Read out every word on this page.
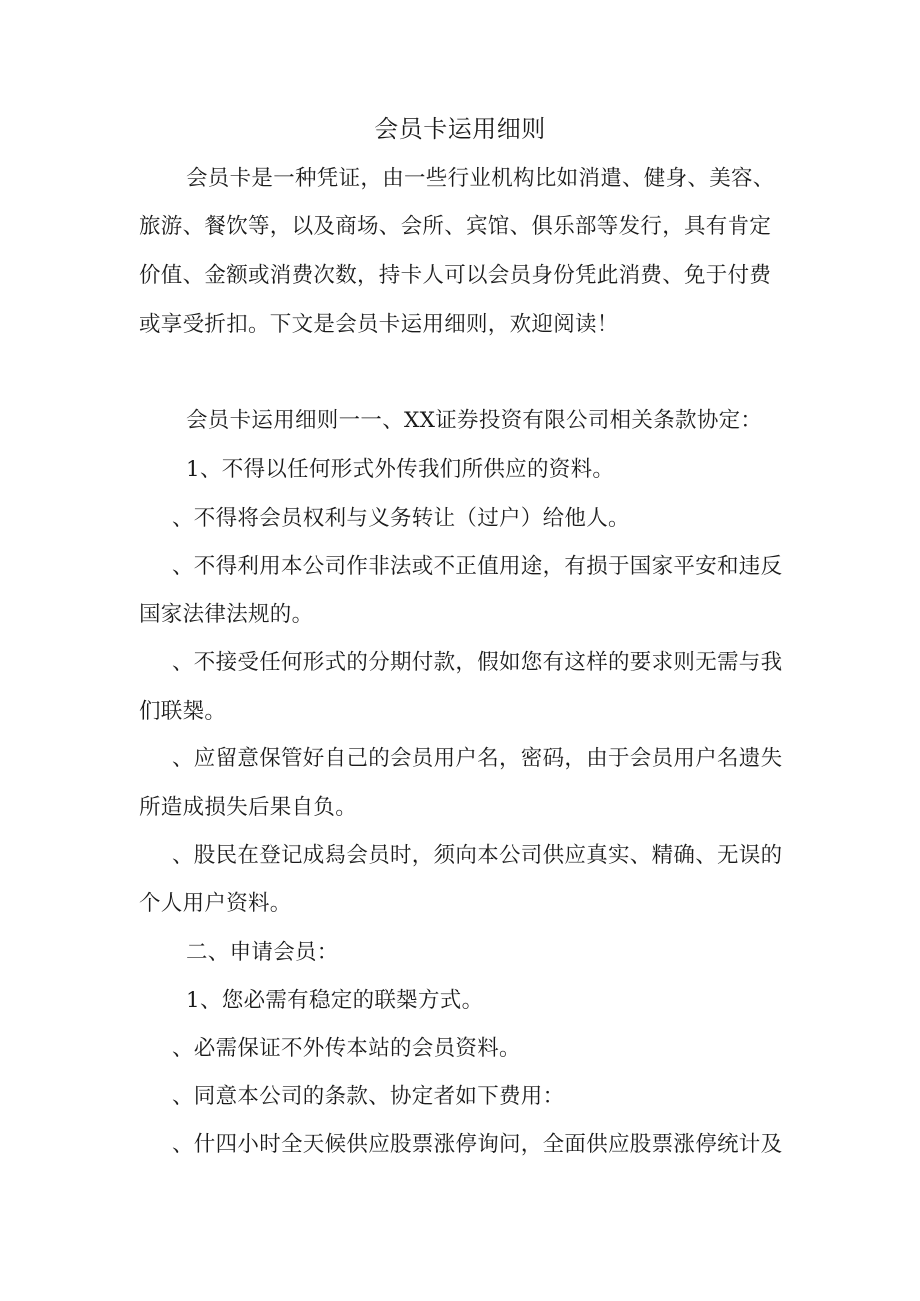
会员卡运用细则
会员卡是一种凭证，由一些行业机构比如消遣、健身、美容、
旅游、餐饮等，以及商场、会所、宾馆、俱乐部等发行，具有肯定
价值、金额或消费次数，持卡人可以会员身份凭此消费、免于付费
或享受折扣。下文是会员卡运用细则，欢迎阅读！
会员卡运用细则一一、XX证券投资有限公司相关条款协定：
1、不得以任何形式外传我们所供应的资料。
、不得将会员权利与义务转让（过户）给他人。
、不得利用本公司作非法或不正值用途，有损于国家平安和违反
国家法律法规的。
、不接受任何形式的分期付款，假如您有这样的要求则无需与我
们联椝。
、应留意保管好自己的会员用户名，密码，由于会员用户名遗失
所造成损失后果自负。
、股民在登记成舄会员时，须向本公司供应真实、精确、无误的
个人用户资料。
二、申请会员：
1、您必需有稳定的联椝方式。
、必需保证不外传本站的会员资料。
、同意本公司的条款、协定者如下费用：
、什四小时全天候供应股票涨停询问，全面供应股票涨停统计及
